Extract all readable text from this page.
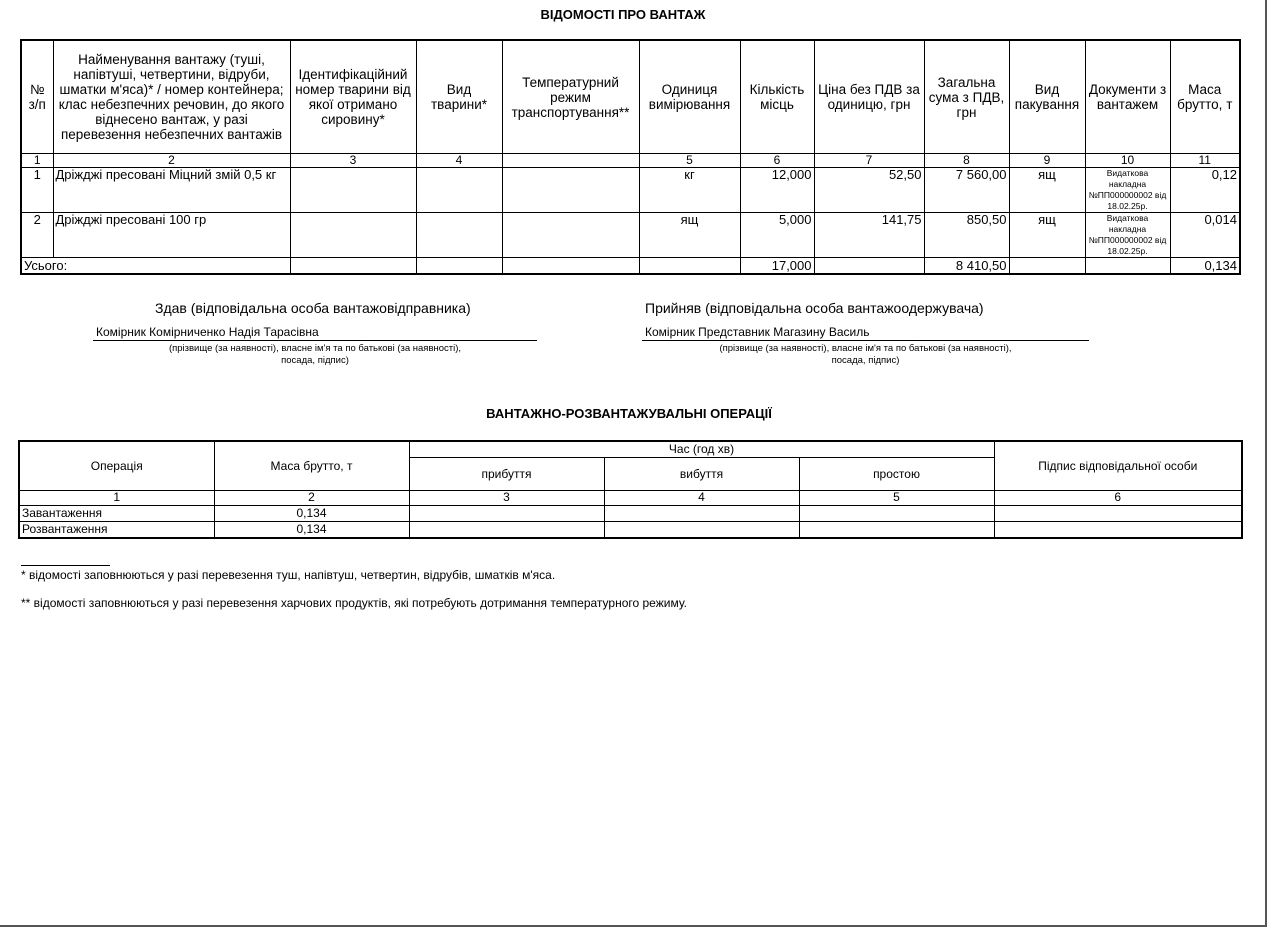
ВІДОМОСТІ ПРО ВАНТАЖ
№ з/п	Найменування вантажу (туші, напівтуші, четвертини, відруби, шматки м'яса)* / номер контейнера; клас небезпечних речовин, до якого віднесено вантаж, у разі перевезення небезпечних вантажів	Ідентифікаційний номер тварини від якої отримано сировину*	Вид тварини*	Температурний режим транспортування**	Одиниця вимірювання	Кількість місць	Ціна без ПДВ за одиницю, грн	Загальна сума з ПДВ, грн	Вид пакування	Документи з вантажем	Маса брутто, т
1	2	3	4		5	6	7	8	9	10	11
1	Дріжджі пресовані Міцний змій 0,5 кг				кг	12,000	52,50	7 560,00	ящ	Видаткова накладна №ПП000000002 від 18.02.25р.	0,12
2	Дріжджі пресовані 100 гр				ящ	5,000	141,75	850,50	ящ	Видаткова накладна №ПП000000002 від 18.02.25р.	0,014
Усього:						17,000		8 410,50			0,134
Здав (відповідальна особа вантажовідправника)
Комірник Комірниченко Надія Тарасівна
(прізвище (за наявності), власне ім'я та по батькові (за наявності),
посада, підпис)
Прийняв (відповідальна особа вантажоодержувача)
Комірник Представник Магазину Василь
(прізвище (за наявності), власне ім'я та по батькові (за наявності),
посада, підпис)
ВАНТАЖНО-РОЗВАНТАЖУВАЛЬНІ ОПЕРАЦІЇ
Операція	Маса брутто, т	Час (год хв)			Підпис відповідальної особи
		прибуття	вибуття	простою	
1	2	3	4	5	6
Завантаження	0,134				
Розвантаження	0,134				
* відомості заповнюються у разі перевезення туш, напівтуш, четвертин, відрубів, шматків м'яса.
** відомості заповнюються у разі перевезення харчових продуктів, які потребують дотримання температурного режиму.
